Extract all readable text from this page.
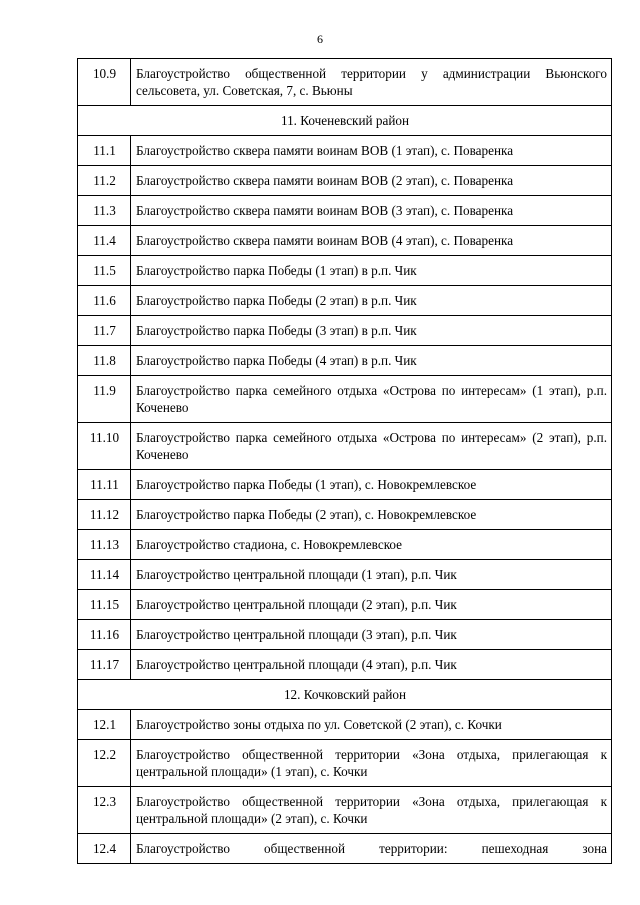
6
10.9	Благоустройство общественной территории у администрации Вьюнского сельсовета, ул. Советская, 7, с. Вьюны
11. Коченевский район	
11.1	Благоустройство сквера памяти воинам ВОВ (1 этап), с. Поваренка
11.2	Благоустройство сквера памяти воинам ВОВ (2 этап), с. Поваренка
11.3	Благоустройство сквера памяти воинам ВОВ (3 этап), с. Поваренка
11.4	Благоустройство сквера памяти воинам ВОВ (4 этап), с. Поваренка
11.5	Благоустройство парка Победы (1 этап) в р.п. Чик
11.6	Благоустройство парка Победы (2 этап) в р.п. Чик
11.7	Благоустройство парка Победы (3 этап) в р.п. Чик
11.8	Благоустройство парка Победы (4 этап) в р.п. Чик
11.9	Благоустройство парка семейного отдыха «Острова по интересам» (1 этап), р.п. Коченево
11.10	Благоустройство парка семейного отдыха «Острова по интересам» (2 этап), р.п. Коченево
11.11	Благоустройство парка Победы (1 этап), с. Новокремлевское
11.12	Благоустройство парка Победы (2 этап), с. Новокремлевское
11.13	Благоустройство стадиона, с. Новокремлевское
11.14	Благоустройство центральной площади (1 этап), р.п. Чик
11.15	Благоустройство центральной площади (2 этап), р.п. Чик
11.16	Благоустройство центральной площади (3 этап), р.п. Чик
11.17	Благоустройство центральной площади (4 этап), р.п. Чик
12. Кочковский район	
12.1	Благоустройство зоны отдыха по ул. Советской (2 этап), с. Кочки
12.2	Благоустройство общественной территории «Зона отдыха, прилегающая к центральной площади» (1 этап), с. Кочки
12.3	Благоустройство общественной территории «Зона отдыха, прилегающая к центральной площади» (2 этап), с. Кочки
12.4	Благоустройство общественной территории: пешеходная зона
